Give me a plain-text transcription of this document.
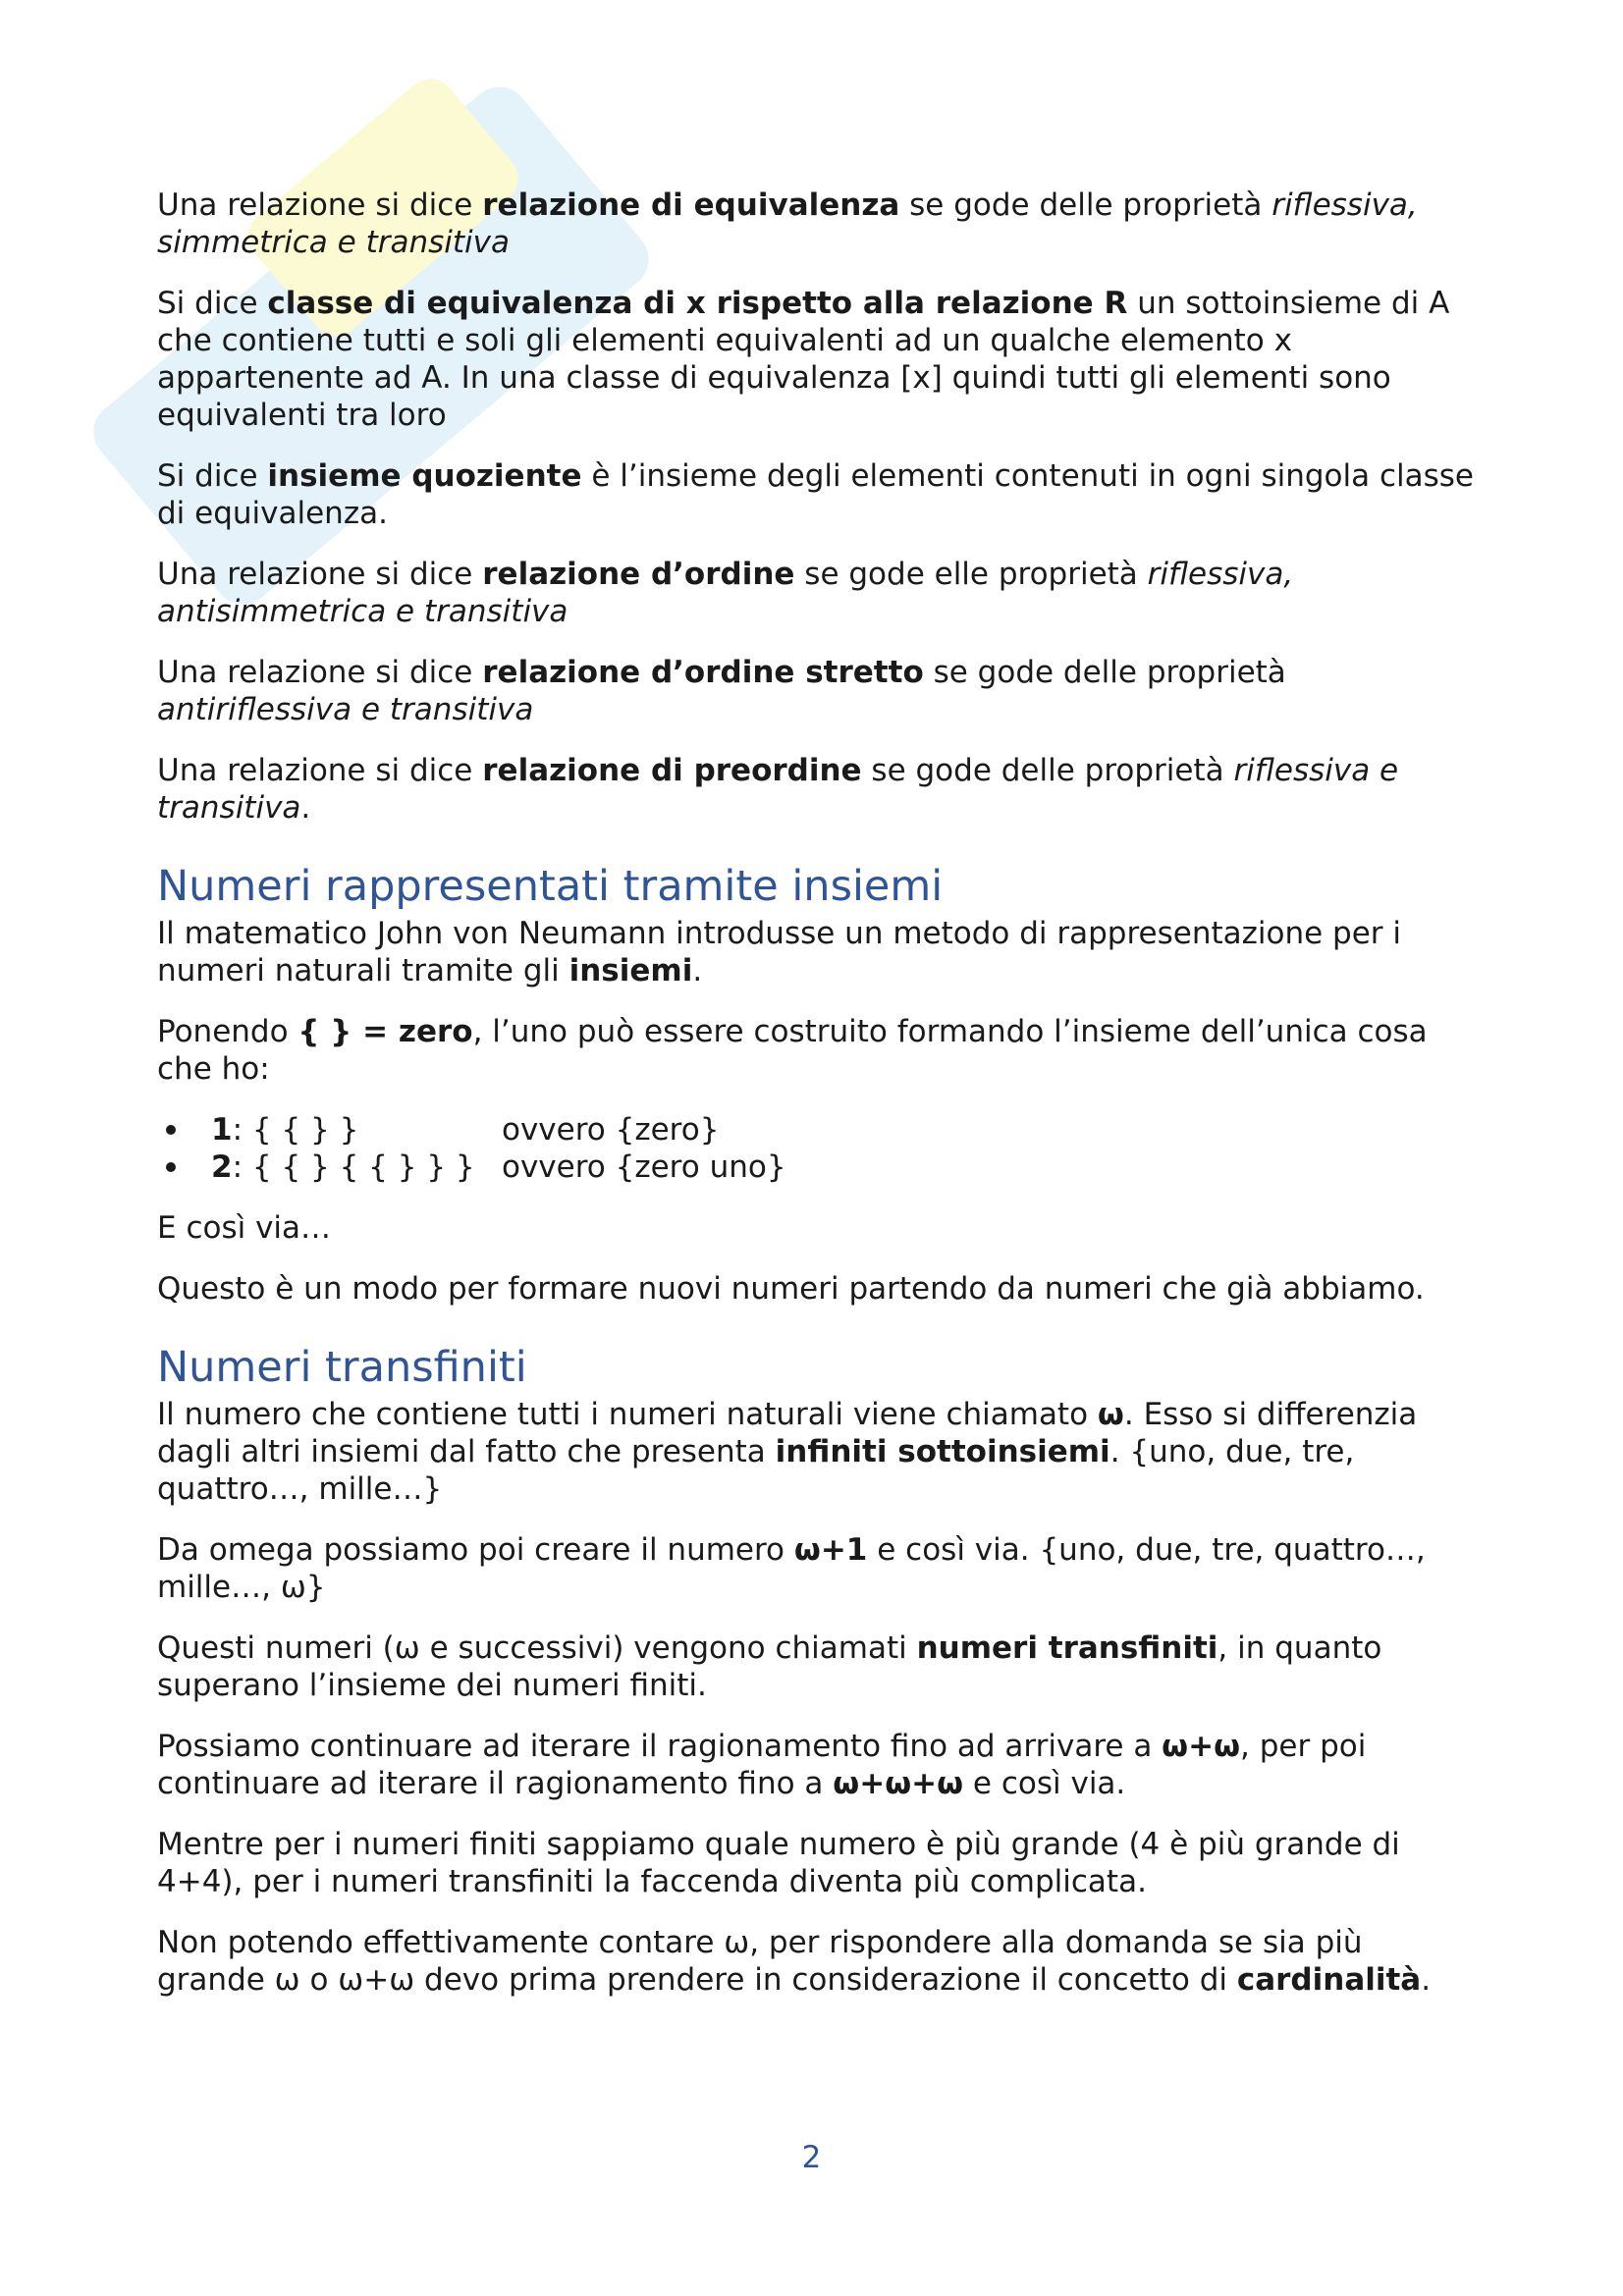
Una relazione si dice relazione di equivalenza se gode delle proprietà riflessiva, simmetrica e transitiva

Si dice classe di equivalenza di x rispetto alla relazione R un sottoinsieme di A che contiene tutti e soli gli elementi equivalenti ad un qualche elemento x appartenente ad A. In una classe di equivalenza [x] quindi tutti gli elementi sono equivalenti tra loro

Si dice insieme quoziente è l’insieme degli elementi contenuti in ogni singola classe di equivalenza.

Una relazione si dice relazione d’ordine se gode elle proprietà riflessiva, antisimmetrica e transitiva

Una relazione si dice relazione d’ordine stretto se gode delle proprietà antiriflessiva e transitiva

Una relazione si dice relazione di preordine se gode delle proprietà riflessiva e transitiva.

Numeri rappresentati tramite insiemi

Il matematico John von Neumann introdusse un metodo di rappresentazione per i numeri naturali tramite gli insiemi.

Ponendo { } = zero, l’uno può essere costruito formando l’insieme dell’unica cosa che ho:

1: { { } }	ovvero {zero}
2: { { } { { } } } ovvero {zero uno}

E così via…

Questo è un modo per formare nuovi numeri partendo da numeri che già abbiamo.

Numeri transfiniti

Il numero che contiene tutti i numeri naturali viene chiamato ω. Esso si differenzia dagli altri insiemi dal fatto che presenta infiniti sottoinsiemi. {uno, due, tre, quattro…, mille…}

Da omega possiamo poi creare il numero ω+1 e così via. {uno, due, tre, quattro…, mille…, ω}

Questi numeri (ω e successivi) vengono chiamati numeri transfiniti, in quanto superano l’insieme dei numeri finiti.

Possiamo continuare ad iterare il ragionamento fino ad arrivare a ω+ω, per poi continuare ad iterare il ragionamento fino a ω+ω+ω e così via.

Mentre per i numeri finiti sappiamo quale numero è più grande (4 è più grande di 4+4), per i numeri transfiniti la faccenda diventa più complicata.

Non potendo effettivamente contare ω, per rispondere alla domanda se sia più grande ω o ω+ω devo prima prendere in considerazione il concetto di cardinalità.

2
